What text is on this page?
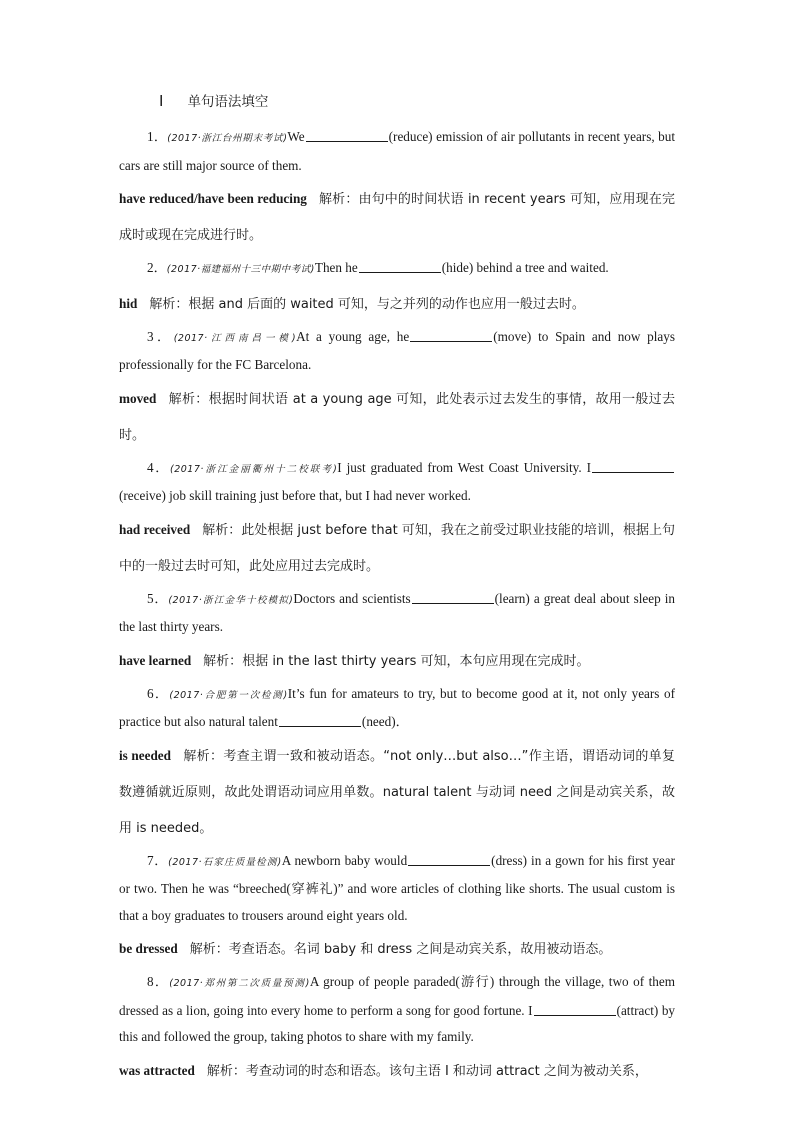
Ⅰ 单句语法填空
1．(2017·浙江台州期末考试)We	(reduce) emission of air pollutants in recent years, but cars are still major source of them.
have reduced/have been reducing 解析：由句中的时间状语 in recent years 可知，应用现在完成时或现在完成进行时。
2．(2017·福建福州十三中期中考试)Then he	(hide) behind a tree and waited.
hid 解析：根据 and 后面的 waited 可知，与之并列的动作也应用一般过去时。
3．(2017·江西南昌一模)At a young age, he	(move) to Spain and now plays professionally for the FC Barcelona.
moved 解析：根据时间状语 at a young age 可知，此处表示过去发生的事情，故用一般过去时。
4．(2017·浙江金丽衢州十二校联考)I just graduated from West Coast University. I(receive) job skill training just before that, but I had never worked.
had received 解析：此处根据 just before that 可知，我在之前受过职业技能的培训，根据上句中的一般过去时可知，此处应用过去完成时。
5．(2017·浙江金华十校模拟)Doctors and scientists	(learn) a great deal about sleep in the last thirty years.
have learned 解析：根据 in the last thirty years 可知，本句应用现在完成时。
6．(2017·合肥第一次检测)It’s fun for amateurs to try, but to become good at it, not only years of practice but also natural talent	(need)．
is needed 解析：考查主谓一致和被动语态。“not only…but also…”作主语，谓语动词的单复数遵循就近原则，故此处谓语动词应用单数。natural talent 与动词 need 之间是动宾关系，故用 is needed。
7．(2017·石家庄质量检测)A newborn baby would	(dress) in a gown for his first year or two. Then he was “breeched(穿裤礼)” and wore articles of clothing like shorts. The usual custom is that a boy graduates to trousers around eight years old.
be dressed 解析：考查语态。名词 baby 和 dress 之间是动宾关系，故用被动语态。
8．(2017·郑州第二次质量预测)A group of people paraded(游行) through the village, two of them dressed as a lion, going into every home to perform a song for good fortune. I	(attract) by this and followed the group, taking photos to share with my family.
was attracted 解析：考查动词的时态和语态。该句主语 I 和动词 attract 之间为被动关系，
